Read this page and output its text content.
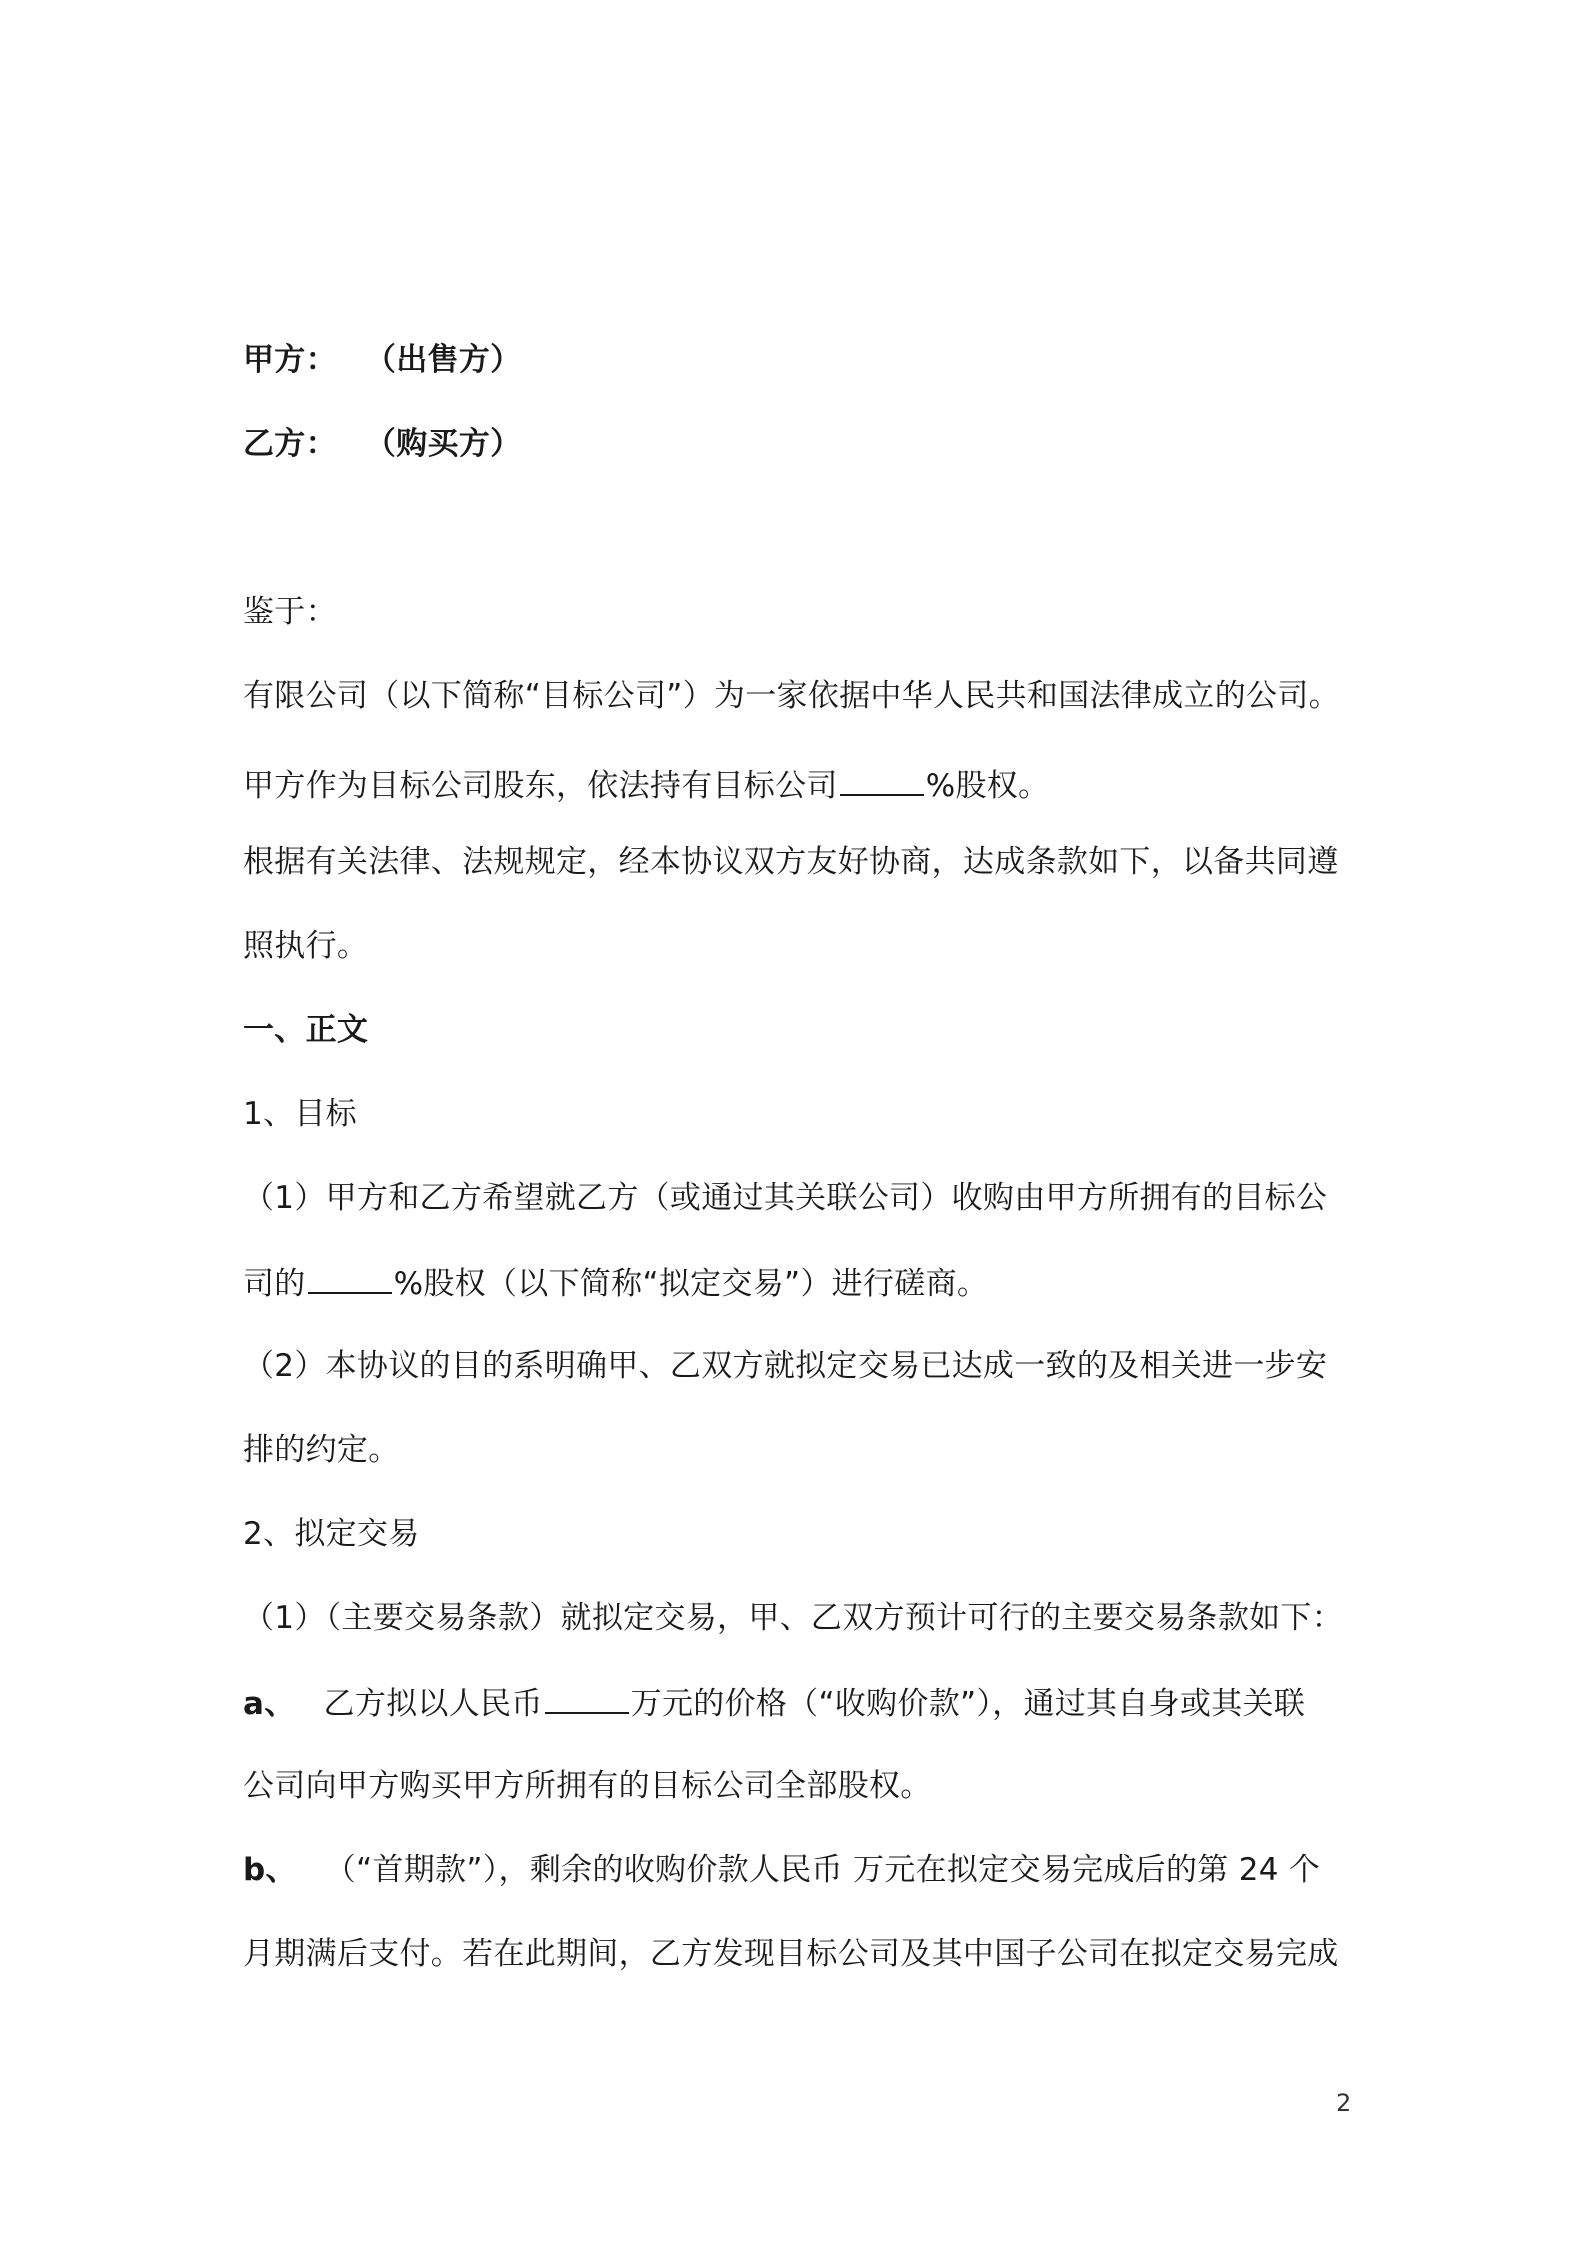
甲方： （出售方）
乙方： （购买方）
鉴于：
有限公司（以下简称“目标公司”）为一家依据中华人民共和国法律成立的公司。
甲方作为目标公司股东，依法持有目标公司	%股权。
根据有关法律、法规规定，经本协议双方友好协商，达成条款如下，以备共同遵
照执行。
一、正文
1、目标
（1）甲方和乙方希望就乙方（或通过其关联公司）收购由甲方所拥有的目标公
司的	%股权（以下简称“拟定交易”）进行磋商。
（2）本协议的目的系明确甲、乙双方就拟定交易已达成一致的及相关进一步安
排的约定。
2、拟定交易
（1）（主要交易条款）就拟定交易，甲、乙双方预计可行的主要交易条款如下：
a、 乙方拟以人民币	万元的价格（“收购价款”），通过其自身或其关联
公司向甲方购买甲方所拥有的目标公司全部股权。
b、 （“首期款”），剩余的收购价款人民币 万元在拟定交易完成后的第 24 个
月期满后支付。若在此期间，乙方发现目标公司及其中国子公司在拟定交易完成
2
